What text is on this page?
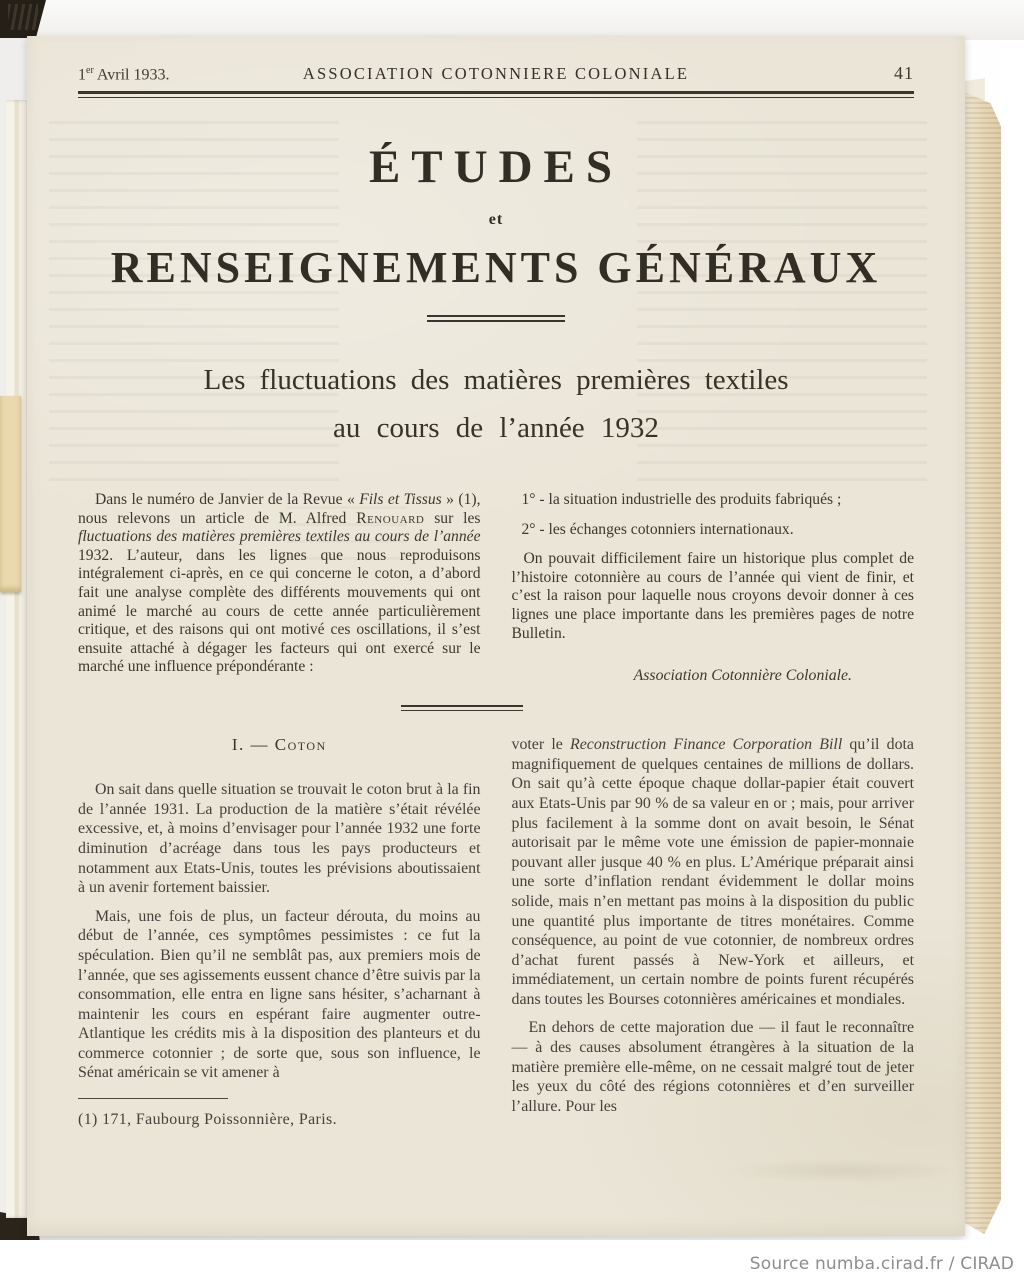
1er Avril 1933.	ASSOCIATION COTONNIERE COLONIALE	41
ÉTUDES
et
RENSEIGNEMENTS GÉNÉRAUX
Les fluctuations des matières premières textiles
au cours de l’année 1932

Dans le numéro de Janvier de la Revue « Fils et Tissus » (1), nous relevons un article de M. Alfred Renouard sur les fluctuations des matières premières textiles au cours de l’année 1932. L’auteur, dans les lignes que nous reproduisons intégralement ci-après, en ce qui concerne le coton, a d’abord fait une analyse complète des différents mouvements qui ont animé le marché au cours de cette année particulièrement critique, et des raisons qui ont motivé ces oscillations, il s’est ensuite attaché à dégager les facteurs qui ont exercé sur le marché une influence prépondérante :

1° - la situation industrielle des produits fabriqués ;

2° - les échanges cotonniers internationaux.

On pouvait difficilement faire un historique plus complet de l’histoire cotonnière au cours de l’année qui vient de finir, et c’est la raison pour laquelle nous croyons devoir donner à ces lignes une place importante dans les premières pages de notre Bulletin.

Association Cotonnière Coloniale.
I. — Coton

On sait dans quelle situation se trouvait le coton brut à la fin de l’année 1931. La production de la matière s’était révélée excessive, et, à moins d’envisager pour l’année 1932 une forte diminution d’acréage dans tous les pays producteurs et notamment aux Etats-Unis, toutes les prévisions aboutissaient à un avenir fortement baissier.

Mais, une fois de plus, un facteur dérouta, du moins au début de l’année, ces symptômes pessimistes : ce fut la spéculation. Bien qu’il ne semblât pas, aux premiers mois de l’année, que ses agissements eussent chance d’être suivis par la consommation, elle entra en ligne sans hésiter, s’acharnant à maintenir les cours en espérant faire augmenter outre-Atlantique les crédits mis à la disposition des planteurs et du commerce cotonnier ; de sorte que, sous son influence, le Sénat américain se vit amener à

(1) 171, Faubourg Poissonnière, Paris.

voter le Reconstruction Finance Corporation Bill qu’il dota magnifiquement de quelques centaines de millions de dollars. On sait qu’à cette époque chaque dollar-papier était couvert aux Etats-Unis par 90 % de sa valeur en or ; mais, pour arriver plus facilement à la somme dont on avait besoin, le Sénat autorisait par le même vote une émission de papier-monnaie pouvant aller jusque 40 % en plus. L’Amérique préparait ainsi une sorte d’inflation rendant évidemment le dollar moins solide, mais n’en mettant pas moins à la disposition du public une quantité plus importante de titres monétaires. Comme conséquence, au point de vue cotonnier, de nombreux ordres d’achat furent passés à New-York et ailleurs, et immédiatement, un certain nombre de points furent récupérés dans toutes les Bourses cotonnières américaines et mondiales.

En dehors de cette majoration due — il faut le reconnaître — à des causes absolument étrangères à la situation de la matière première elle-même, on ne cessait malgré tout de jeter les yeux du côté des régions cotonnières et d’en surveiller l’allure. Pour les

Source numba.cirad.fr / CIRAD
